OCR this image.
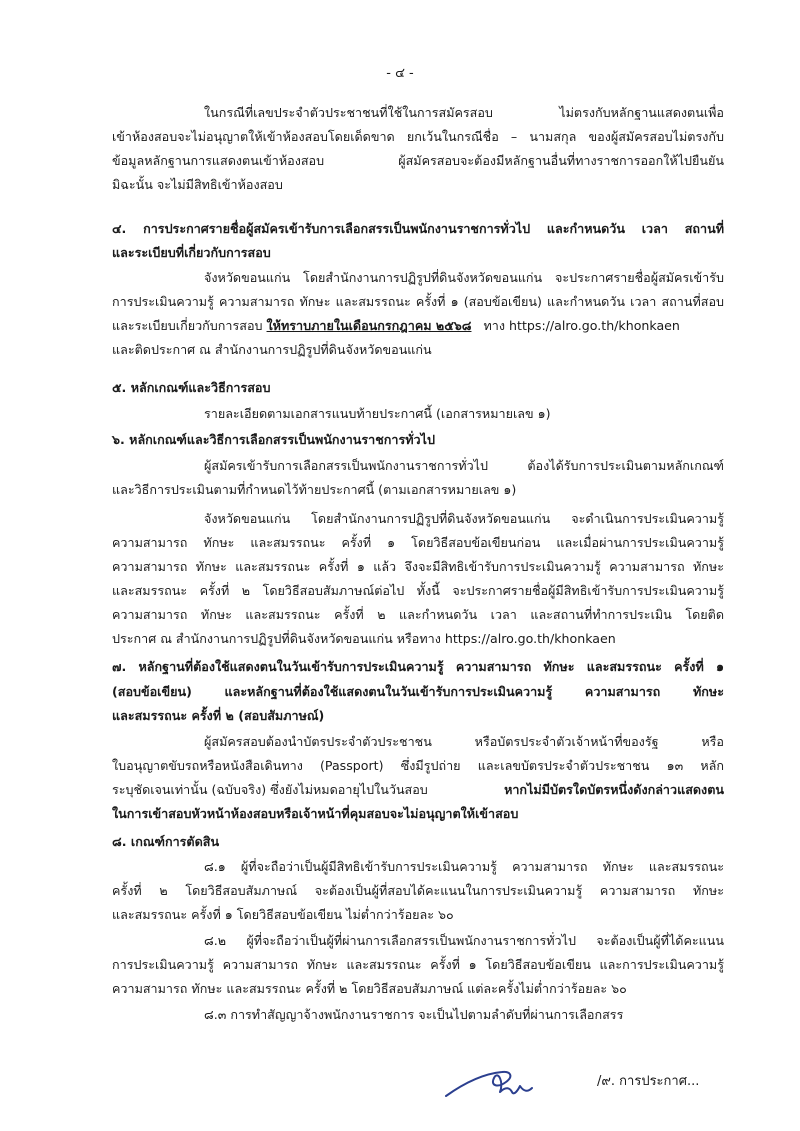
- ๔ -
ในกรณีที่เลขประจำตัวประชาชนที่ใช้ในการสมัครสอบ ไม่ตรงกับหลักฐานแสดงตนเพื่อ
เข้าห้องสอบจะไม่อนุญาตให้เข้าห้องสอบโดยเด็ดขาด ยกเว้นในกรณีชื่อ – นามสกุล ของผู้สมัครสอบไม่ตรงกับ
ข้อมูลหลักฐานการแสดงตนเข้าห้องสอบ ผู้สมัครสอบจะต้องมีหลักฐานอื่นที่ทางราชการออกให้ไปยืนยัน
มิฉะนั้น จะไม่มีสิทธิเข้าห้องสอบ
๔. การประกาศรายชื่อผู้สมัครเข้ารับการเลือกสรรเป็นพนักงานราชการทั่วไป และกำหนดวัน เวลา สถานที่
และระเบียบที่เกี่ยวกับการสอบ
จังหวัดขอนแก่น โดยสำนักงานการปฏิรูปที่ดินจังหวัดขอนแก่น จะประกาศรายชื่อผู้สมัครเข้ารับ
การประเมินความรู้ ความสามารถ ทักษะ และสมรรถนะ ครั้งที่ ๑ (สอบข้อเขียน) และกำหนดวัน เวลา สถานที่สอบ
และระเบียบเกี่ยวกับการสอบ ให้ทราบภายในเดือนกรกฎาคม ๒๕๖๘ ทาง https://alro.go.th/khonkaen
และติดประกาศ ณ สำนักงานการปฏิรูปที่ดินจังหวัดขอนแก่น
๕. หลักเกณฑ์และวิธีการสอบ
รายละเอียดตามเอกสารแนบท้ายประกาศนี้ (เอกสารหมายเลข ๑)
๖. หลักเกณฑ์และวิธีการเลือกสรรเป็นพนักงานราชการทั่วไป
ผู้สมัครเข้ารับการเลือกสรรเป็นพนักงานราชการทั่วไป ต้องได้รับการประเมินตามหลักเกณฑ์
และวิธีการประเมินตามที่กำหนดไว้ท้ายประกาศนี้ (ตามเอกสารหมายเลข ๑)
จังหวัดขอนแก่น โดยสำนักงานการปฏิรูปที่ดินจังหวัดขอนแก่น จะดำเนินการประเมินความรู้
ความสามารถ ทักษะ และสมรรถนะ ครั้งที่ ๑ โดยวิธีสอบข้อเขียนก่อน และเมื่อผ่านการประเมินความรู้
ความสามารถ ทักษะ และสมรรถนะ ครั้งที่ ๑ แล้ว จึงจะมีสิทธิเข้ารับการประเมินความรู้ ความสามารถ ทักษะ
และสมรรถนะ ครั้งที่ ๒ โดยวิธีสอบสัมภาษณ์ต่อไป ทั้งนี้ จะประกาศรายชื่อผู้มีสิทธิเข้ารับการประเมินความรู้
ความสามารถ ทักษะ และสมรรถนะ ครั้งที่ ๒ และกำหนดวัน เวลา และสถานที่ทำการประเมิน โดยติด
ประกาศ ณ สำนักงานการปฏิรูปที่ดินจังหวัดขอนแก่น หรือทาง https://alro.go.th/khonkaen
๗. หลักฐานที่ต้องใช้แสดงตนในวันเข้ารับการประเมินความรู้ ความสามารถ ทักษะ และสมรรถนะ ครั้งที่ ๑
(สอบข้อเขียน) และหลักฐานที่ต้องใช้แสดงตนในวันเข้ารับการประเมินความรู้ ความสามารถ ทักษะ
และสมรรถนะ ครั้งที่ ๒ (สอบสัมภาษณ์)
ผู้สมัครสอบต้องนำบัตรประจำตัวประชาชน หรือบัตรประจำตัวเจ้าหน้าที่ของรัฐ หรือ
ใบอนุญาตขับรถหรือหนังสือเดินทาง (Passport) ซึ่งมีรูปถ่าย และเลขบัตรประจำตัวประชาชน ๑๓ หลัก
ระบุชัดเจนเท่านั้น (ฉบับจริง) ซึ่งยังไม่หมดอายุไปในวันสอบ	หากไม่มีบัตรใดบัตรหนึ่งดังกล่าวแสดงตน
ในการเข้าสอบหัวหน้าห้องสอบหรือเจ้าหน้าที่คุมสอบจะไม่อนุญาตให้เข้าสอบ
๘. เกณฑ์การตัดสิน
๘.๑ ผู้ที่จะถือว่าเป็นผู้มีสิทธิเข้ารับการประเมินความรู้ ความสามารถ ทักษะ และสมรรถนะ
ครั้งที่ ๒ โดยวิธีสอบสัมภาษณ์ จะต้องเป็นผู้ที่สอบได้คะแนนในการประเมินความรู้ ความสามารถ ทักษะ
และสมรรถนะ ครั้งที่ ๑ โดยวิธีสอบข้อเขียน ไม่ต่ำกว่าร้อยละ ๖๐
๘.๒ ผู้ที่จะถือว่าเป็นผู้ที่ผ่านการเลือกสรรเป็นพนักงานราชการทั่วไป จะต้องเป็นผู้ที่ได้คะแนน
การประเมินความรู้ ความสามารถ ทักษะ และสมรรถนะ ครั้งที่ ๑ โดยวิธีสอบข้อเขียน และการประเมินความรู้
ความสามารถ ทักษะ และสมรรถนะ ครั้งที่ ๒ โดยวิธีสอบสัมภาษณ์ แต่ละครั้งไม่ต่ำกว่าร้อยละ ๖๐
๘.๓ การทำสัญญาจ้างพนักงานราชการ จะเป็นไปตามลำดับที่ผ่านการเลือกสรร
/๙. การประกาศ...
